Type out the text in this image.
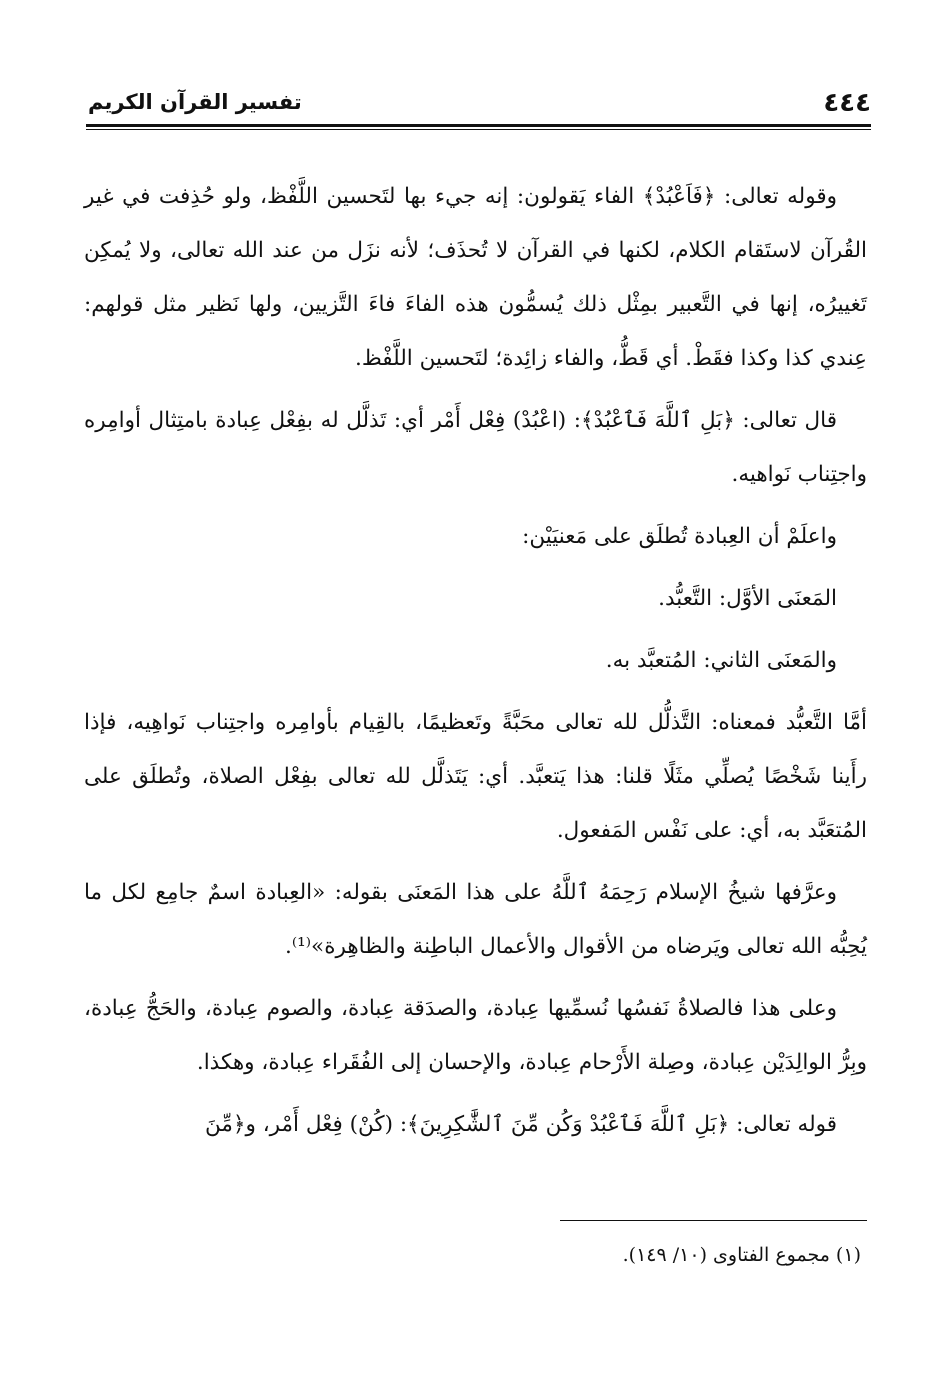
٤٤٤
تفسير القرآن الكريم

وقوله تعالى: ﴿فَاَعْبُدْ﴾ الفاء يَقولون: إنه جيء بها لتَحسين اللَّفْظ، ولو حُذِفت في غير القُرآن لاستَقام الكلام، لكنها في القرآن لا تُحذَف؛ لأنه نزَل من عند الله تعالى، ولا يُمكِن تَغييرُه، إنها في التَّعبير بمِثْل ذلك يُسمُّون هذه الفاءَ فاءَ التَّزيين، ولها نَظير مثل قولهم: عِندي كذا وكذا فقَطْ. أي قَطُّ، والفاء زائِدة؛ لتَحسين اللَّفْظ.

قال تعالى: ﴿بَلِ ٱللَّهَ فَٱعْبُدْ﴾: (اعْبُدْ) فِعْل أَمْر أي: تَذلَّل له بفِعْل عِبادة بامتِثال أوامِره واجتِناب نَواهيه.

واعلَمْ أن العِبادة تُطلَق على مَعنيَيْن:

المَعنَى الأوَّل: التَّعبُّد.

والمَعنَى الثاني: المُتعبَّد به.

أمَّا التَّعبُّد فمعناه: التَّذلُّل لله تعالى محَبَّةً وتَعظيمًا، بالقِيام بأوامِره واجتِناب نَواهِيه، فإذا رأَينا شَخْصًا يُصلِّي مثَلًا قلنا: هذا يَتعبَّد. أي: يَتَذلَّل لله تعالى بفِعْل الصلاة، وتُطلَق على المُتعَبَّد به، أي: على نَفْس المَفعول.

وعرَّفها شيخُ الإسلام رَحِمَهُ ٱللَّهُ على هذا المَعنَى بقوله: «العِبادة اسمٌ جامِع لكل ما يُحِبُّه الله تعالى ويَرضاه من الأقوال والأعمال الباطِنة والظاهِرة»⁽¹⁾.

وعلى هذا فالصلاةُ نَفسُها نُسمِّيها عِبادة، والصدَقة عِبادة، والصوم عِبادة، والحَجُّ عِبادة، وبِرُّ الوالِدَيْن عِبادة، وصِلة الأَرْحام عِبادة، والإحسان إلى الفُقَراء عِبادة، وهكذا.

قوله تعالى: ﴿بَلِ ٱللَّهَ فَٱعْبُدْ وَكُن مِّنَ ٱلشَّٰكِرِينَ﴾: (كُنْ) فِعْل أَمْر، و﴿مِّنَ

(١) مجموع الفتاوى (١٠/ ١٤٩).
